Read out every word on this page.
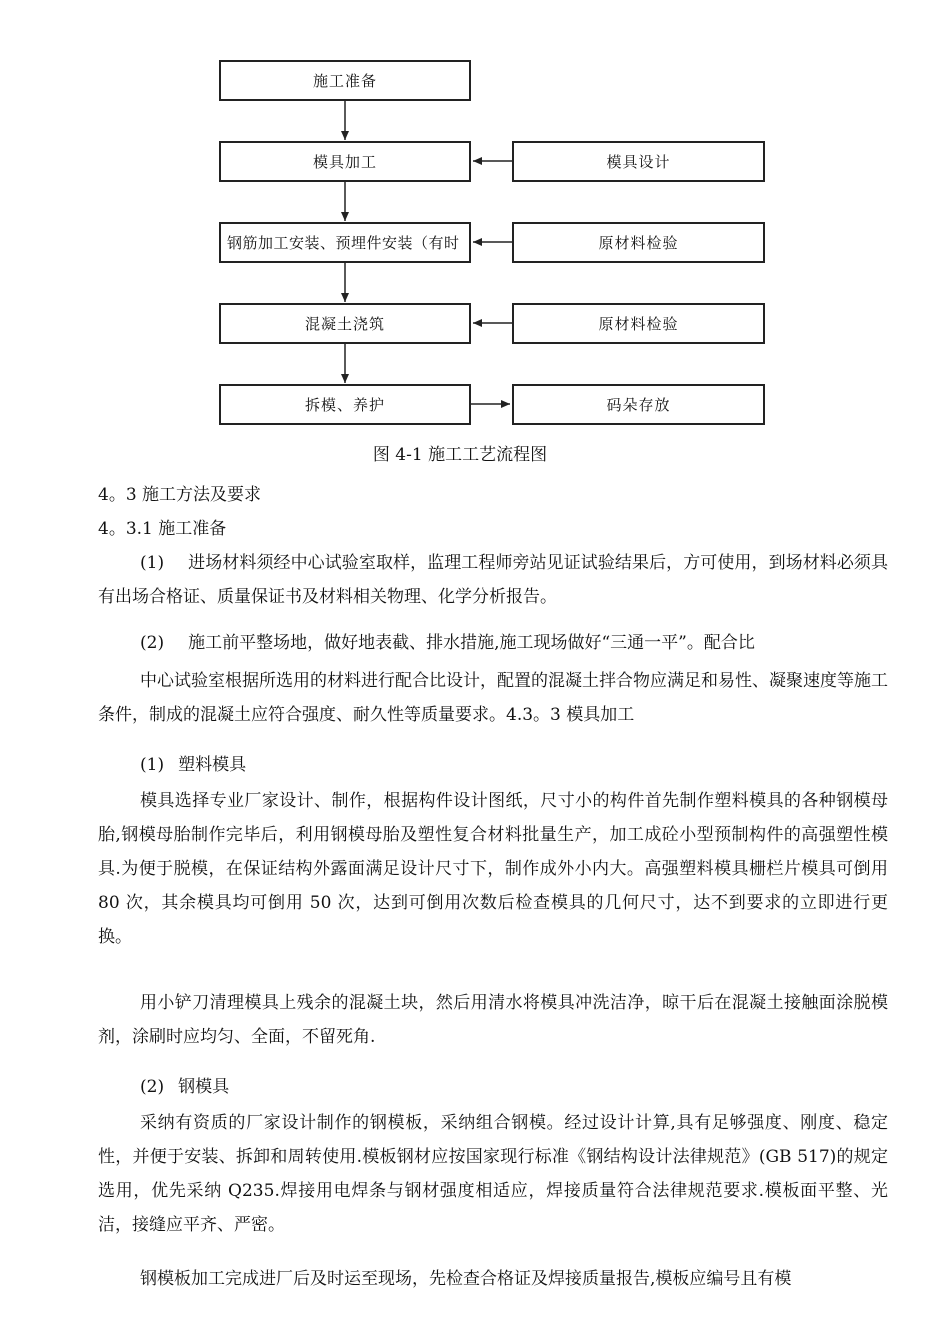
施工准备
模具加工
钢筋加工安装、预埋件安装（有时
混凝土浇筑
拆模、养护
模具设计
原材料检验
原材料检验
码朵存放
图 4-1 施工工艺流程图
4。3 施工方法及要求
4。3.1 施工准备
(1) 进场材料须经中心试验室取样，监理工程师旁站见证试验结果后，方可使用，到场材料必须具有出场合格证、质量保证书及材料相关物理、化学分析报告。
(2) 施工前平整场地，做好地表截、排水措施,施工现场做好“三通一平”。配合比
中心试验室根据所选用的材料进行配合比设计，配置的混凝土拌合物应满足和易性、凝聚速度等施工条件，制成的混凝土应符合强度、耐久性等质量要求。4.3。3 模具加工
(1) 塑料模具
模具选择专业厂家设计、制作，根据构件设计图纸，尺寸小的构件首先制作塑料模具的各种钢模母胎,钢模母胎制作完毕后，利用钢模母胎及塑性复合材料批量生产，加工成砼小型预制构件的高强塑性模具.为便于脱模，在保证结构外露面满足设计尺寸下，制作成外小内大。高强塑料模具栅栏片模具可倒用 80 次，其余模具均可倒用 50 次，达到可倒用次数后检查模具的几何尺寸，达不到要求的立即进行更换。
用小铲刀清理模具上残余的混凝土块，然后用清水将模具冲洗洁净，晾干后在混凝土接触面涂脱模剂，涂刷时应均匀、全面，不留死角.
(2) 钢模具
采纳有资质的厂家设计制作的钢模板，采纳组合钢模。经过设计计算,具有足够强度、刚度、稳定性，并便于安装、拆卸和周转使用.模板钢材应按国家现行标准《钢结构设计法律规范》(GB 517)的规定选用，优先采纳 Q235.焊接用电焊条与钢材强度相适应，焊接质量符合法律规范要求.模板面平整、光洁，接缝应平齐、严密。
钢模板加工完成进厂后及时运至现场，先检查合格证及焊接质量报告,模板应编号且有模
